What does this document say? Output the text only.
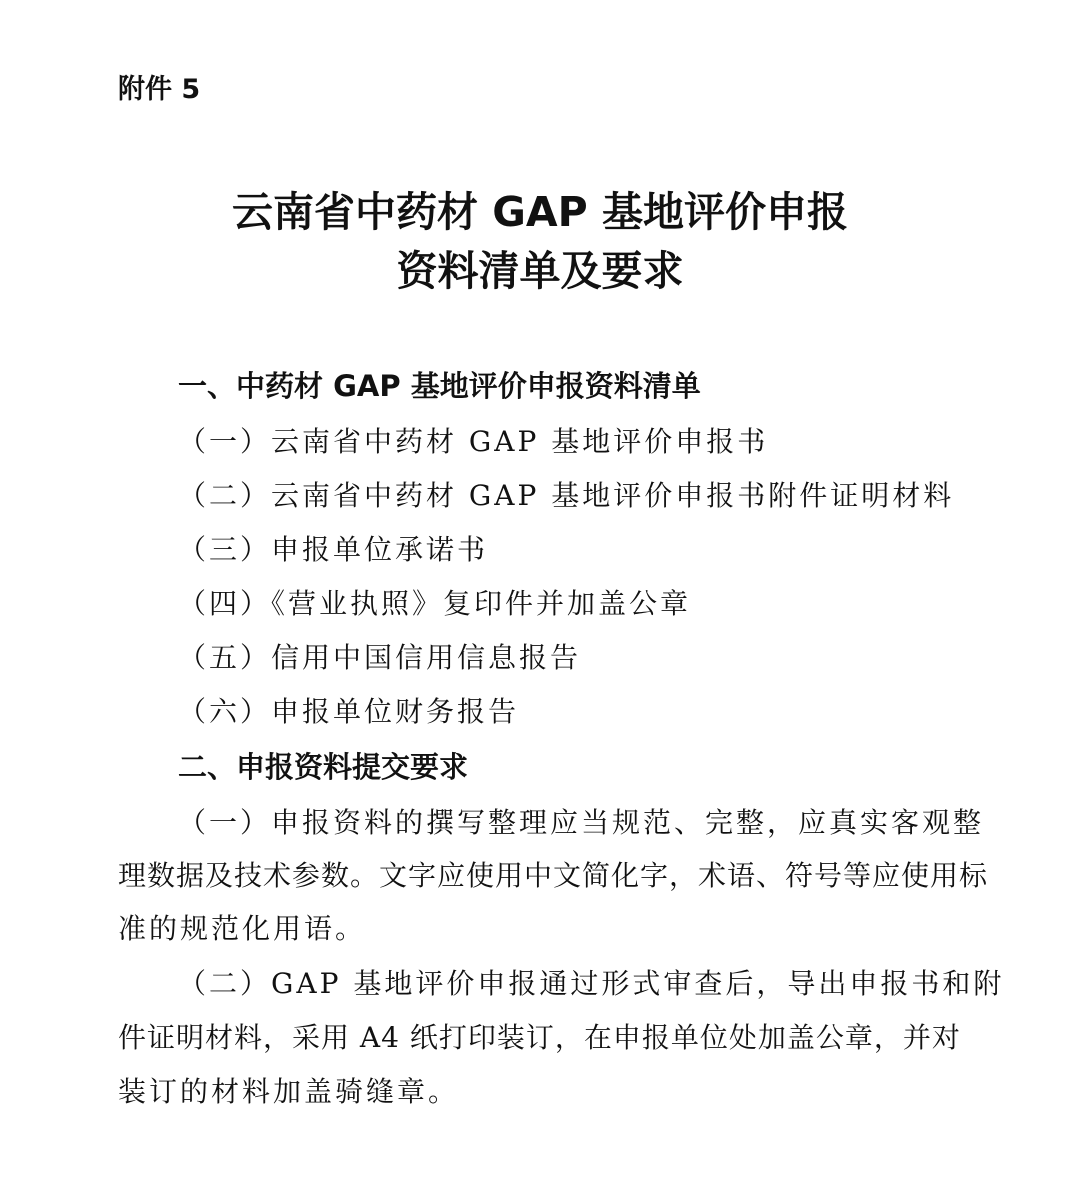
附件 5
云南省中药材 GAP 基地评价申报
资料清单及要求
一、中药材 GAP 基地评价申报资料清单
（一）云南省中药材 GAP 基地评价申报书
（二）云南省中药材 GAP 基地评价申报书附件证明材料
（三）申报单位承诺书
（四）《营业执照》复印件并加盖公章
（五）信用中国信用信息报告
（六）申报单位财务报告
二、申报资料提交要求
（一）申报资料的撰写整理应当规范、完整，应真实客观整
理数据及技术参数。文字应使用中文简化字，术语、符号等应使用标
准的规范化用语。
（二）GAP 基地评价申报通过形式审查后，导出申报书和附
件证明材料，采用 A4 纸打印装订，在申报单位处加盖公章，并对
装订的材料加盖骑缝章。
